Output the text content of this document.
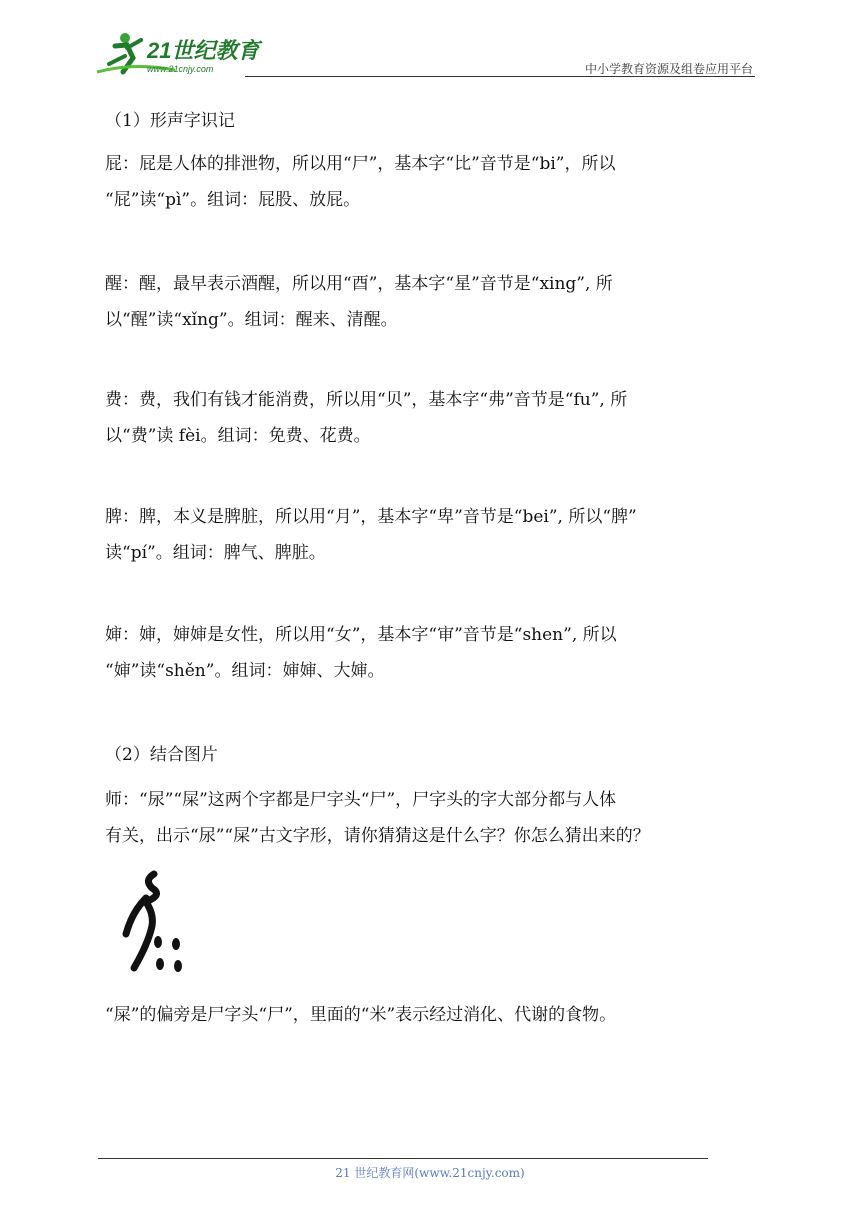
21世纪教育
www.21cnjy.com	中小学教育资源及组卷应用平台

（1）形声字识记

屁：屁是人体的排泄物，所以用“尸”，基本字“比”音节是“bi”，所以
“屁”读“pì”。组词：屁股、放屁。

醒：醒，最早表示酒醒，所以用“酉”，基本字“星”音节是“xing”, 所
以“醒”读“xǐng”。组词：醒来、清醒。

费：费，我们有钱才能消费，所以用“贝”，基本字“弗”音节是“fu”, 所
以“费”读 fèi。组词：免费、花费。

脾：脾，本义是脾脏，所以用“月”，基本字“卑”音节是“bei”, 所以“脾”
读“pí”。组词：脾气、脾脏。

婶：婶，婶婶是女性，所以用“女”，基本字“审”音节是“shen”, 所以
“婶”读“shěn”。组词：婶婶、大婶。

（2）结合图片

师：“尿”“屎”这两个字都是尸字头“尸”，尸字头的字大部分都与人体
有关，出示“尿”“屎”古文字形，请你猜猜这是什么字？你怎么猜出来的？

“屎”的偏旁是尸字头“尸”，里面的“米”表示经过消化、代谢的食物。

21 世纪教育网(www.21cnjy.com)
